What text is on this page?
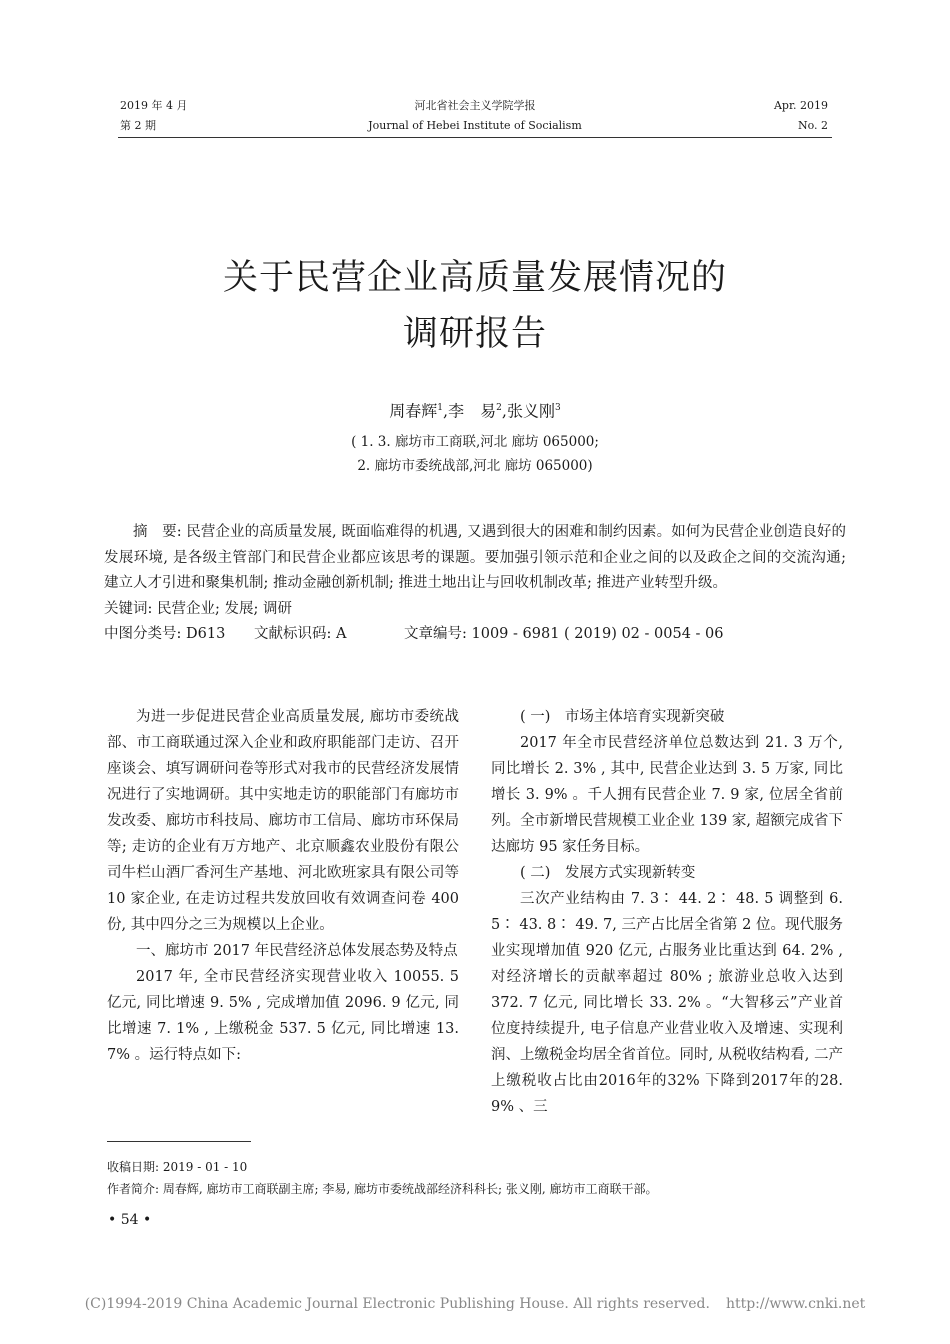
2019 年 4 月
第 2 期
河北省社会主义学院学报
Journal of Hebei Institute of Socialism
Apr. 2019
No. 2
关于民营企业高质量发展情况的
调研报告
周春辉$^1$,李　易$^2$,张义刚$^3$
( 1. 3. 廊坊市工商联,河北 廊坊 065000;
2. 廊坊市委统战部,河北 廊坊 065000)

摘　要: 民营企业的高质量发展, 既面临难得的机遇, 又遇到很大的困难和制约因素。如何为民营企业创造良好的发展环境, 是各级主管部门和民营企业都应该思考的课题。要加强引领示范和企业之间的以及政企之间的交流沟通; 建立人才引进和聚集机制; 推动金融创新机制; 推进土地出让与回收机制改革; 推进产业转型升级。

关键词: 民营企业; 发展; 调研

中图分类号: D613 文献标识码: A	文章编号: 1009 - 6981 ( 2019) 02 - 0054 - 06

为进一步促进民营企业高质量发展, 廊坊市委统战部、市工商联通过深入企业和政府职能部门走访、召开座谈会、填写调研问卷等形式对我市的民营经济发展情况进行了实地调研。其中实地走访的职能部门有廊坊市发改委、廊坊市科技局、廊坊市工信局、廊坊市环保局等; 走访的企业有万方地产、北京顺鑫农业股份有限公司牛栏山酒厂香河生产基地、河北欧班家具有限公司等 10 家企业, 在走访过程共发放回收有效调查问卷 400 份, 其中四分之三为规模以上企业。

一、廊坊市 2017 年民营经济总体发展态势及特点

2017 年, 全市民营经济实现营业收入 10055. 5 亿元, 同比增速 9. 5% , 完成增加值 2096. 9 亿元, 同比增速 7. 1% , 上缴税金 537. 5 亿元, 同比增速 13. 7% 。运行特点如下:

( 一)　市场主体培育实现新突破

2017 年全市民营经济单位总数达到 21. 3 万个, 同比增长 2. 3% , 其中, 民营企业达到 3. 5 万家, 同比增长 3. 9% 。千人拥有民营企业 7. 9 家, 位居全省前列。全市新增民营规模工业企业 139 家, 超额完成省下达廊坊 95 家任务目标。

( 二)　发展方式实现新转变

三次产业结构由 7. 3∶ 44. 2∶ 48. 5 调整到 6. 5∶ 43. 8∶ 49. 7, 三产占比居全省第 2 位。现代服务业实现增加值 920 亿元, 占服务业比重达到 64. 2% , 对经济增长的贡献率超过 80% ; 旅游业总收入达到 372. 7 亿元, 同比增长 33. 2% 。“大智移云”产业首位度持续提升, 电子信息产业营业收入及增速、实现利润、上缴税金均居全省首位。同时, 从税收结构看, 二产上缴税收占比由2016年的32% 下降到2017年的28. 9% 、三

收稿日期: 2019 - 01 - 10

作者简介: 周春辉, 廊坊市工商联副主席; 李易, 廊坊市委统战部经济科科长; 张义刚, 廊坊市工商联干部。

• 54 •
(C)1994-2019 China Academic Journal Electronic Publishing House. All rights reserved. http://www.cnki.net
